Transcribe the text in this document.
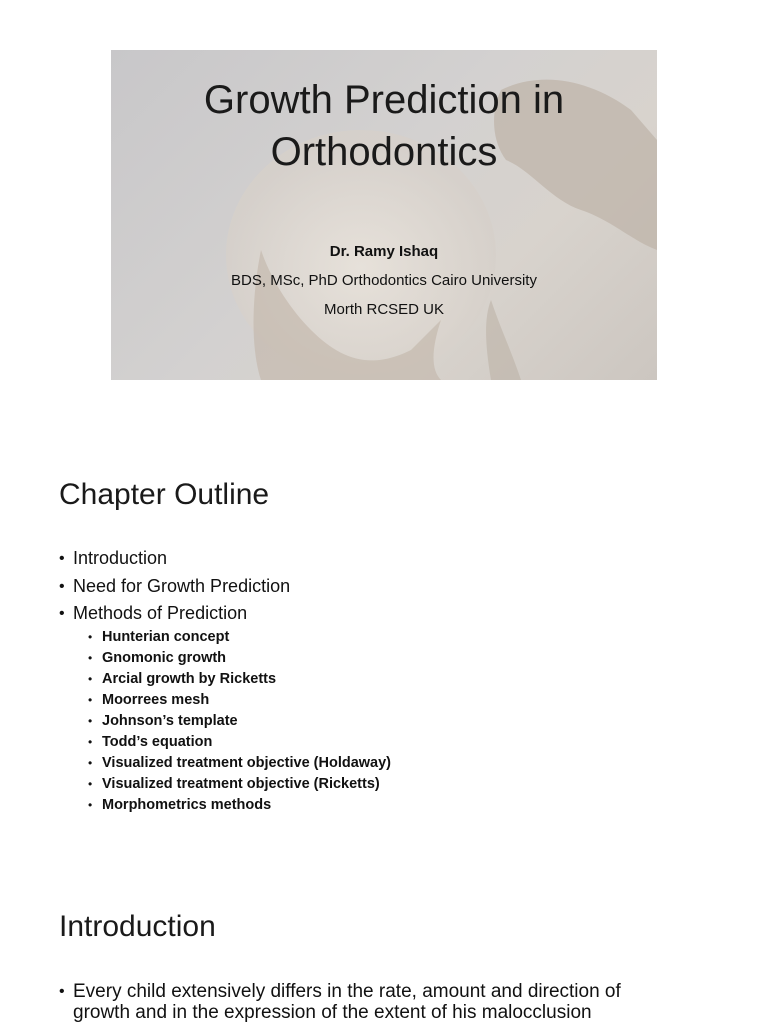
Growth Prediction in
Orthodontics
Dr. Ramy Ishaq
BDS, MSc, PhD Orthodontics Cairo University
Morth RCSED UK
Chapter Outline
• Introduction
• Need for Growth Prediction
• Methods of Prediction
• Hunterian concept
• Gnomonic growth
• Arcial growth by Ricketts
• Moorrees mesh
• Johnson’s template
• Todd’s equation
• Visualized treatment objective (Holdaway)
• Visualized treatment objective (Ricketts)
• Morphometrics methods
Introduction
• Every child extensively differs in the rate, amount and direction of
growth and in the expression of the extent of his malocclusion
